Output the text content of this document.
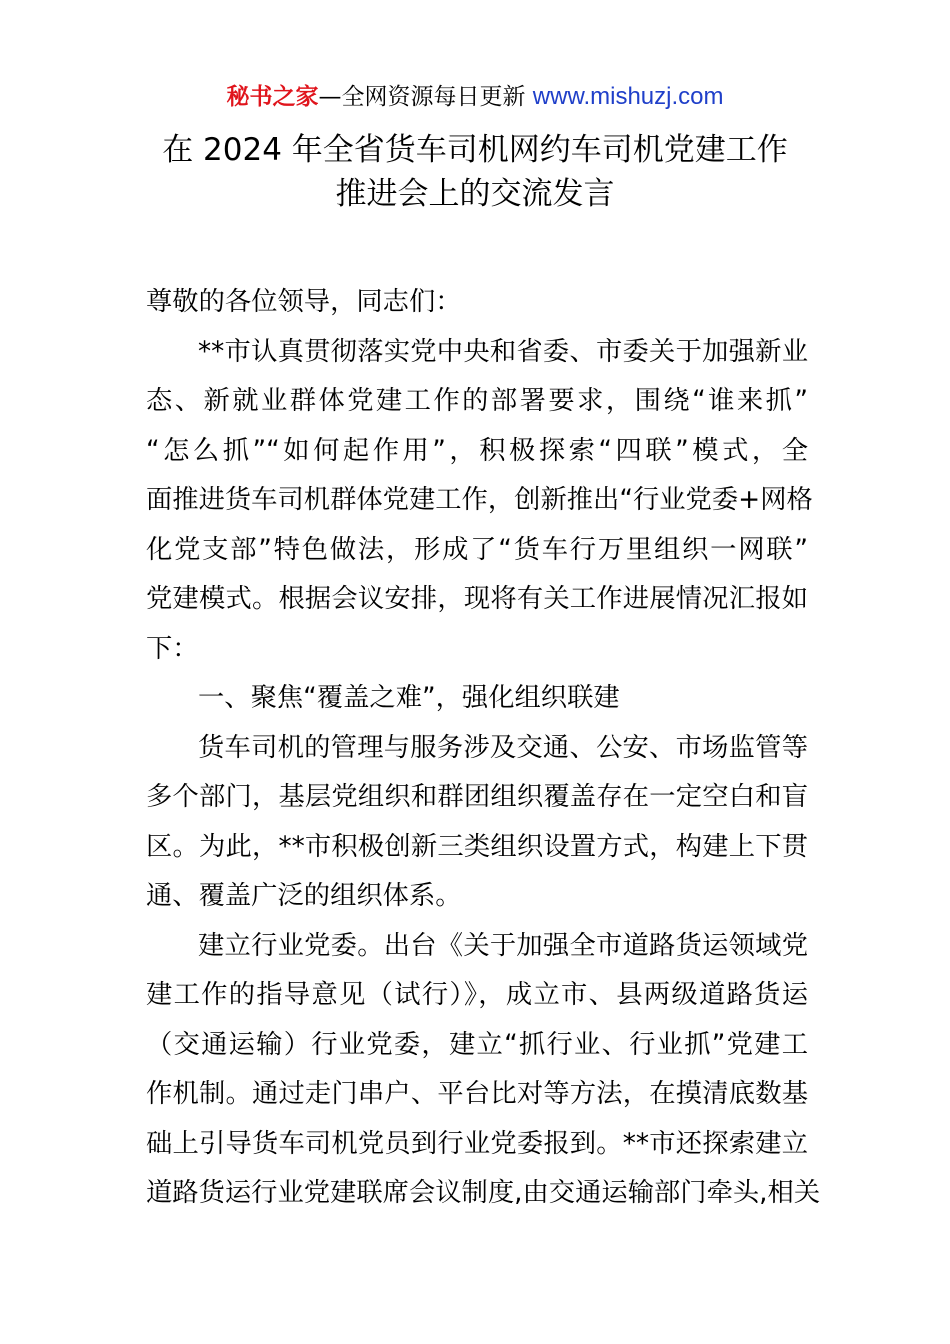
秘书之家—全网资源每日更新 www.mishuzj.com
在 2024 年全省货车司机网约车司机党建工作
推进会上的交流发言
尊敬的各位领导，同志们：
**市认真贯彻落实党中央和省委、市委关于加强新业
态、新就业群体党建工作的部署要求，围绕“谁来抓”
“怎么抓”“如何起作用”，积极探索“四联”模式，全
面推进货车司机群体党建工作，创新推出“行业党委+网格
化党支部”特色做法，形成了“货车行万里组织一网联”
党建模式。根据会议安排，现将有关工作进展情况汇报如
下：
一、聚焦“覆盖之难”，强化组织联建
货车司机的管理与服务涉及交通、公安、市场监管等
多个部门，基层党组织和群团组织覆盖存在一定空白和盲
区。为此，**市积极创新三类组织设置方式，构建上下贯
通、覆盖广泛的组织体系。
建立行业党委。出台《关于加强全市道路货运领域党
建工作的指导意见（试行）》，成立市、县两级道路货运
（交通运输）行业党委，建立“抓行业、行业抓”党建工
作机制。通过走门串户、平台比对等方法，在摸清底数基
础上引导货车司机党员到行业党委报到。**市还探索建立
道路货运行业党建联席会议制度,由交通运输部门牵头,相关
